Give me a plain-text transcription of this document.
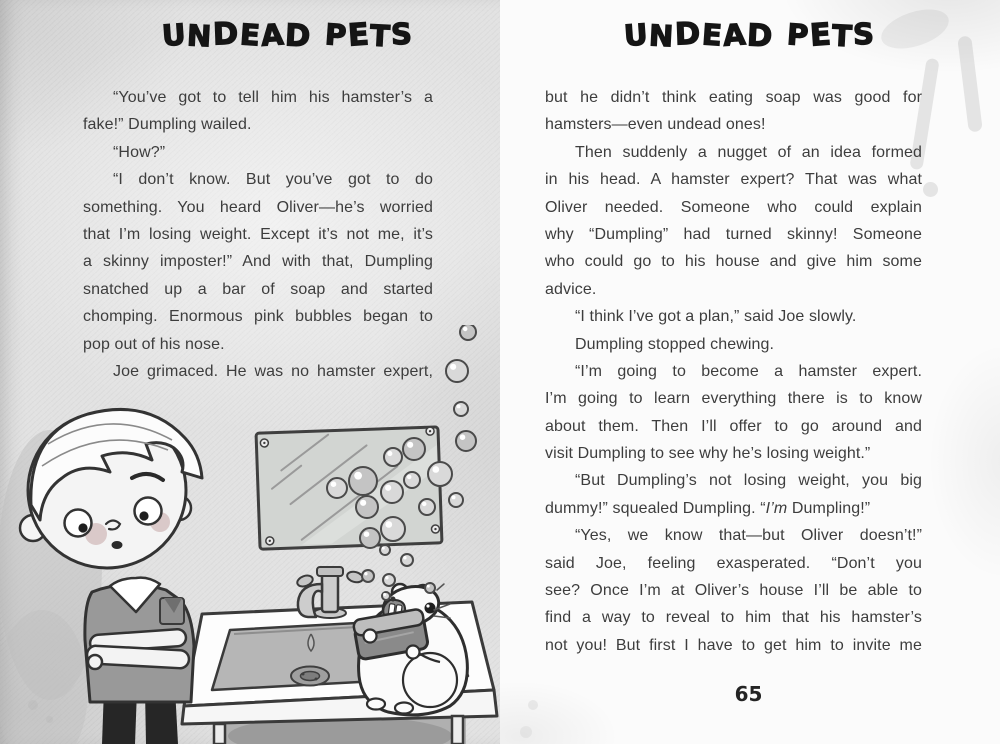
UNDEAD PETS
“You’ve got to tell him his hamster’s a
fake!” Dumpling wailed.
“How?”
“I don’t know. But you’ve got to do
something. You heard Oliver—he’s worried
that I’m losing weight. Except it’s not me, it’s
a skinny imposter!” And with that, Dumpling
snatched up a bar of soap and started
chomping. Enormous pink bubbles began to
pop out of his nose.
Joe grimaced. He was no hamster expert,
UNDEAD PETS
but he didn’t think eating soap was good for
hamsters—even undead ones!
Then suddenly a nugget of an idea formed
in his head. A hamster expert? That was what
Oliver needed. Someone who could explain
why “Dumpling” had turned skinny! Someone
who could go to his house and give him some
advice.
“I think I’ve got a plan,” said Joe slowly.
Dumpling stopped chewing.
“I’m going to become a hamster expert.
I’m going to learn everything there is to know
about them. Then I’ll offer to go around and
visit Dumpling to see why he’s losing weight.”
“But Dumpling’s not losing weight, you big
dummy!” squealed Dumpling. “I’m Dumpling!”
“Yes, we know that—but Oliver doesn’t!”
said Joe, feeling exasperated. “Don’t you
see? Once I’m at Oliver’s house I’ll be able to
find a way to reveal to him that his hamster’s
not you! But first I have to get him to invite me
65
